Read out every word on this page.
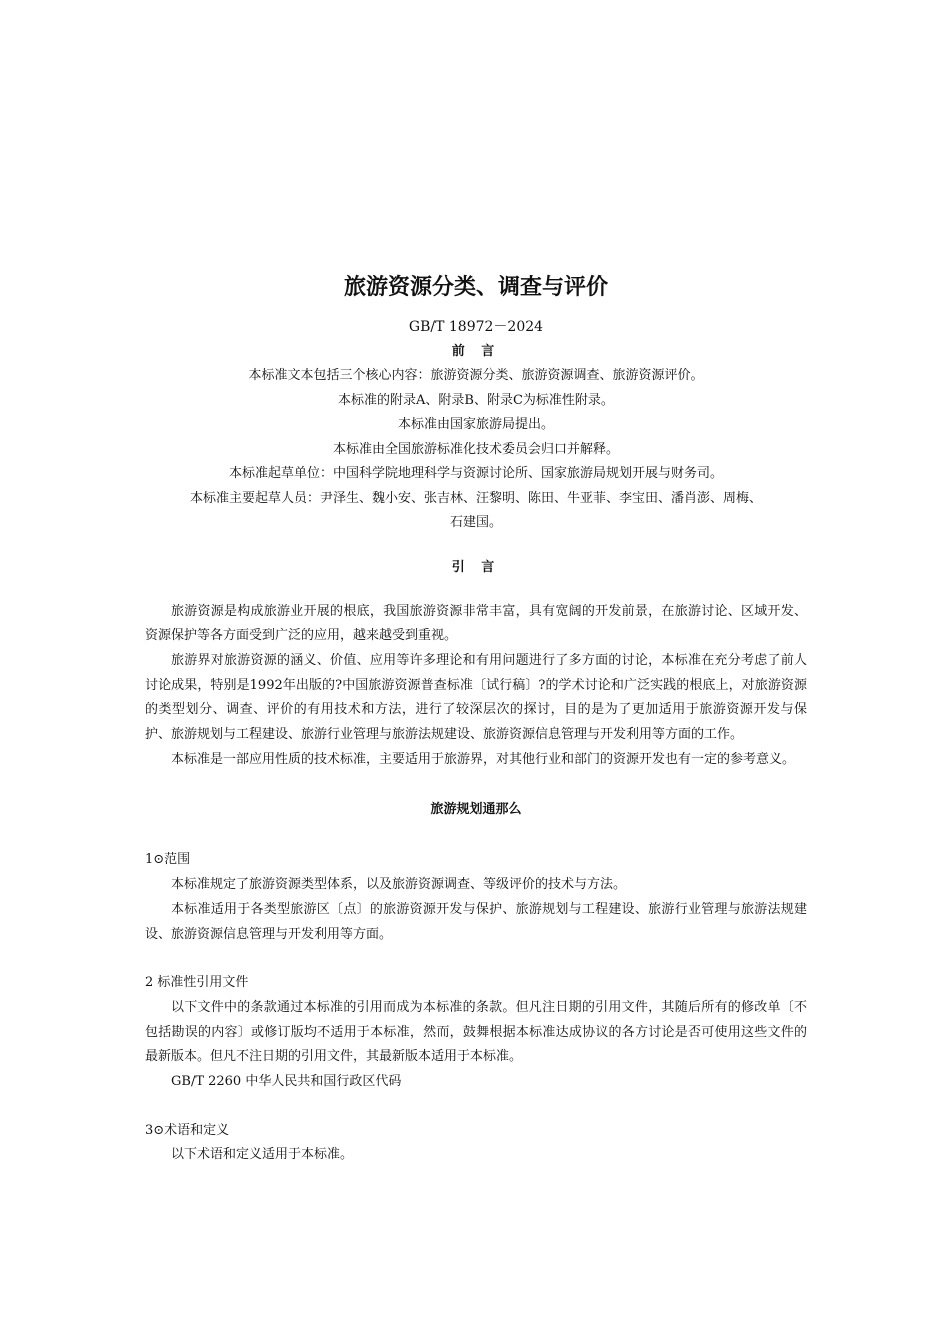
旅游资源分类、调查与评价
GB/T 18972－2024
前 言
本标准文本包括三个核心内容：旅游资源分类、旅游资源调查、旅游资源评价。
本标准的附录A、附录B、附录C为标准性附录。
本标准由国家旅游局提出。
本标准由全国旅游标准化技术委员会归口并解释。
本标准起草单位：中国科学院地理科学与资源讨论所、国家旅游局规划开展与财务司。
本标准主要起草人员：尹泽生、魏小安、张吉林、汪黎明、陈田、牛亚菲、李宝田、潘肖澎、周梅、
石建国。
引 言

旅游资源是构成旅游业开展的根底，我国旅游资源非常丰富，具有宽阔的开发前景，在旅游讨论、区域开发、资源保护等各方面受到广泛的应用，越来越受到重视。

旅游界对旅游资源的涵义、价值、应用等许多理论和有用问题进行了多方面的讨论，本标准在充分考虑了前人讨论成果，特别是1992年出版的?中国旅游资源普查标准〔试行稿〕?的学术讨论和广泛实践的根底上，对旅游资源的类型划分、调查、评价的有用技术和方法，进行了较深层次的探讨，目的是为了更加适用于旅游资源开发与保护、旅游规划与工程建设、旅游行业管理与旅游法规建设、旅游资源信息管理与开发利用等方面的工作。

本标准是一部应用性质的技术标准，主要适用于旅游界，对其他行业和部门的资源开发也有一定的参考意义。

旅游规划通那么
1⊙范围

本标准规定了旅游资源类型体系，以及旅游资源调查、等级评价的技术与方法。

本标准适用于各类型旅游区〔点〕的旅游资源开发与保护、旅游规划与工程建设、旅游行业管理与旅游法规建设、旅游资源信息管理与开发利用等方面。

2 标准性引用文件

以下文件中的条款通过本标准的引用而成为本标准的条款。但凡注日期的引用文件，其随后所有的修改单〔不包括勘误的内容〕或修订版均不适用于本标准，然而，鼓舞根据本标准达成协议的各方讨论是否可使用这些文件的最新版本。但凡不注日期的引用文件，其最新版本适用于本标准。

GB/T 2260 中华人民共和国行政区代码
3⊙术语和定义

以下术语和定义适用于本标准。
